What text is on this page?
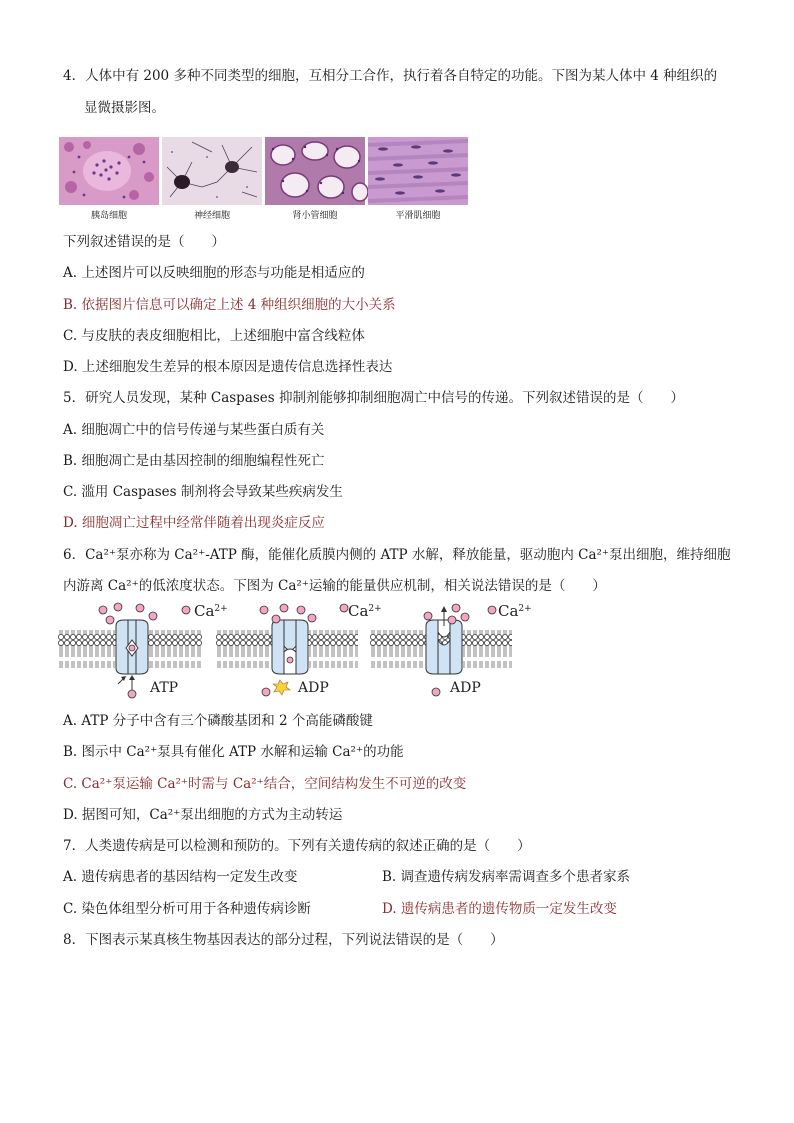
4．人体中有 200 多种不同类型的细胞，互相分工合作，执行着各自特定的功能。下图为某人体中 4 种组织的
显微摄影图。
胰岛细胞	神经细胞	肾小管细胞	平滑肌细胞
下列叙述错误的是（　　）
A. 上述图片可以反映细胞的形态与功能是相适应的
B. 依据图片信息可以确定上述 4 种组织细胞的大小关系
C. 与皮肤的表皮细胞相比，上述细胞中富含线粒体
D. 上述细胞发生差异的根本原因是遗传信息选择性表达
5．研究人员发现，某种 Caspases 抑制剂能够抑制细胞凋亡中信号的传递。下列叙述错误的是（　　）
A. 细胞凋亡中的信号传递与某些蛋白质有关
B. 细胞凋亡是由基因控制的细胞编程性死亡
C. 滥用 Caspases 制剂将会导致某些疾病发生
D. 细胞凋亡过程中经常伴随着出现炎症反应
6．Ca²⁺泵亦称为 Ca²⁺-ATP 酶，能催化质膜内侧的 ATP 水解，释放能量，驱动胞内 Ca²⁺泵出细胞，维持细胞
内游离 Ca²⁺的低浓度状态。下图为 Ca²⁺运输的能量供应机制，相关说法错误的是（　　）
ATP
$Ca^{2+}$
ADP
$Ca^{2+}$
ADP
$Ca^{2+}$
A. ATP 分子中含有三个磷酸基团和 2 个高能磷酸键
B. 图示中 Ca²⁺泵具有催化 ATP 水解和运输 Ca²⁺的功能
C. Ca²⁺泵运输 Ca²⁺时需与 Ca²⁺结合，空间结构发生不可逆的改变
D. 据图可知，Ca²⁺泵出细胞的方式为主动转运
7．人类遗传病是可以检测和预防的。下列有关遗传病的叙述正确的是（　　）
A. 遗传病患者的基因结构一定发生改变	B. 调查遗传病发病率需调查多个患者家系
C. 染色体组型分析可用于各种遗传病诊断	D. 遗传病患者的遗传物质一定发生改变
8．下图表示某真核生物基因表达的部分过程，下列说法错误的是（　　）
